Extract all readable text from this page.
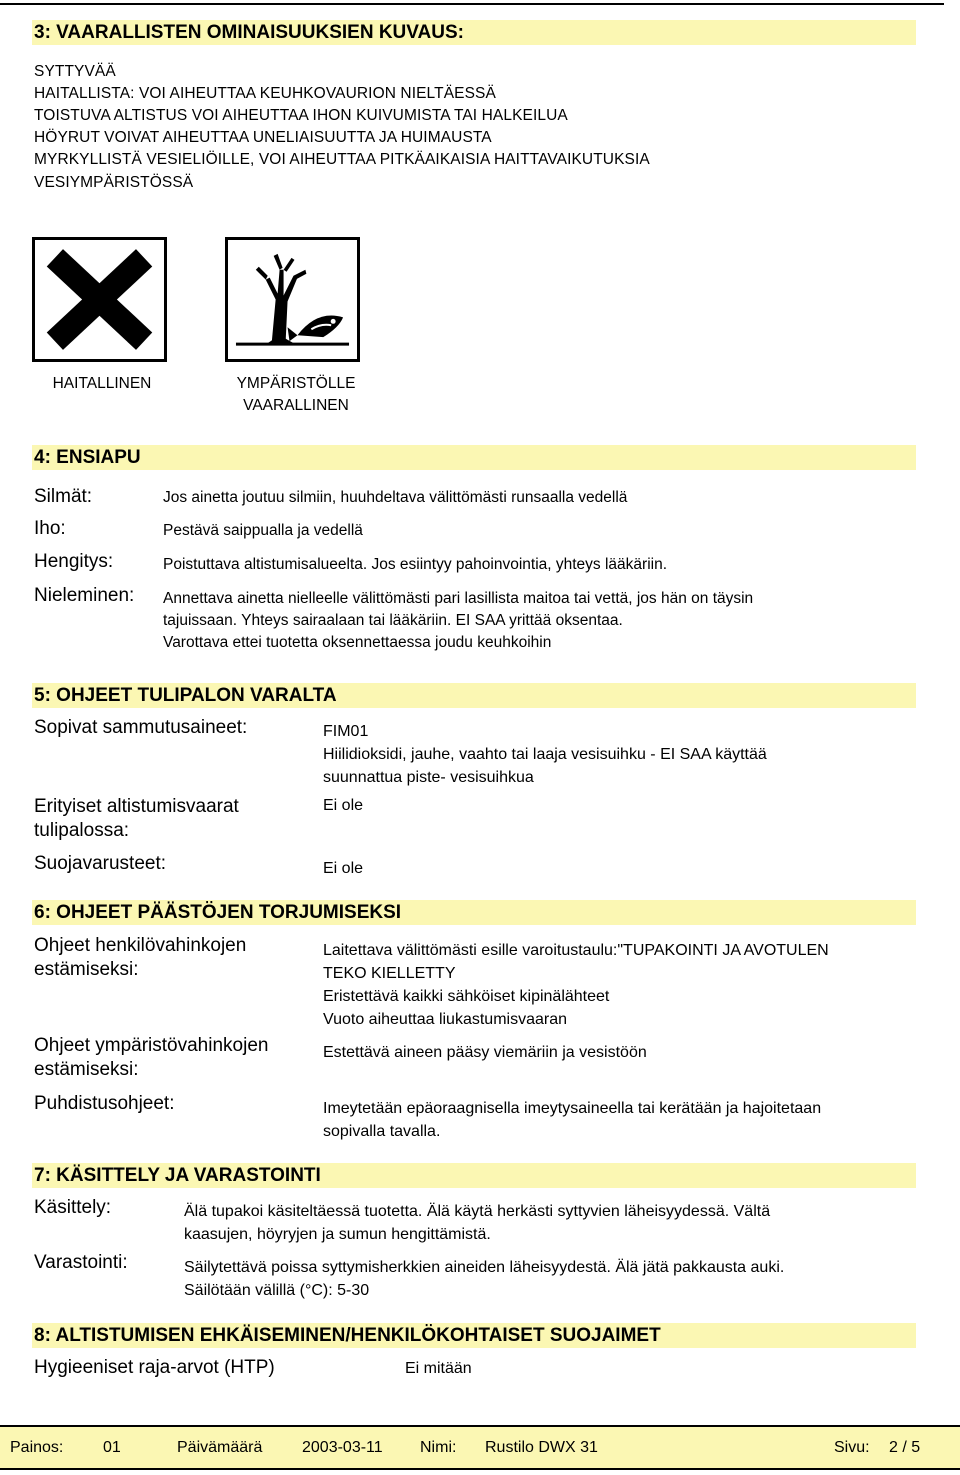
3: VAARALLISTEN OMINAISUUKSIEN KUVAUS:
SYTTYVÄÄ
HAITALLISTA: VOI AIHEUTTAA KEUHKOVAURION NIELTÄESSÄ
TOISTUVA ALTISTUS VOI AIHEUTTAA IHON KUIVUMISTA TAI HALKEILUA
HÖYRUT VOIVAT AIHEUTTAA UNELIAISUUTTA JA HUIMAUSTA
MYRKYLLISTÄ VESIELIÖILLE, VOI AIHEUTTAA PITKÄAIKAISIA HAITTAVAIKUTUKSIA
VESIYMPÄRISTÖSSÄ
HAITALLINEN	YMPÄRISTÖLLE
VAARALLINEN
4: ENSIAPU
Silmät:	Jos ainetta joutuu silmiin, huuhdeltava välittömästi runsaalla vedellä
Iho:	Pestävä saippualla ja vedellä
Hengitys:	Poistuttava altistumisalueelta. Jos esiintyy pahoinvointia, yhteys lääkäriin.
Nieleminen: Annettava ainetta nielleelle välittömästi pari lasillista maitoa tai vettä, jos hän on täysin
tajuissaan. Yhteys sairaalaan tai lääkäriin. EI SAA yrittää oksentaa.
Varottava ettei tuotetta oksennettaessa joudu keuhkoihin
5: OHJEET TULIPALON VARALTA
Sopivat sammutusaineet:	FIM01
Hiilidioksidi, jauhe, vaahto tai laaja vesisuihku - EI SAA käyttää
suunnattua piste- vesisuihkua
Erityiset altistumisvaarat
tulipalossa:
Ei ole
Suojavarusteet:	Ei ole
6: OHJEET PÄÄSTÖJEN TORJUMISEKSI
Ohjeet henkilövahinkojen
estämiseksi:
Laitettava välittömästi esille varoitustaulu:"TUPAKOINTI JA AVOTULEN
TEKO KIELLETTY
Eristettävä kaikki sähköiset kipinälähteet
Vuoto aiheuttaa liukastumisvaaran
Ohjeet ympäristövahinkojen
estämiseksi:
Estettävä aineen pääsy viemäriin ja vesistöön
Puhdistusohjeet:	Imeytetään epäoraagnisella imeytysaineella tai kerätään ja hajoitetaan
sopivalla tavalla.
7: KÄSITTELY JA VARASTOINTI
Käsittely:	Älä tupakoi käsiteltäessä tuotetta. Älä käytä herkästi syttyvien läheisyydessä. Vältä
kaasujen, höyryjen ja sumun hengittämistä.
Varastointi:	Säilytettävä poissa syttymisherkkien aineiden läheisyydestä. Älä jätä pakkausta auki.
Säilötään välillä (°C): 5-30
8: ALTISTUMISEN EHKÄISEMINEN/HENKILÖKOHTAISET SUOJAIMET
Hygieeniset raja-arvot (HTP)	Ei mitään
Painos: 01	Päivämäärä 2003-03-11 Nimi: Rustilo DWX 31	Sivu: 2 / 5
